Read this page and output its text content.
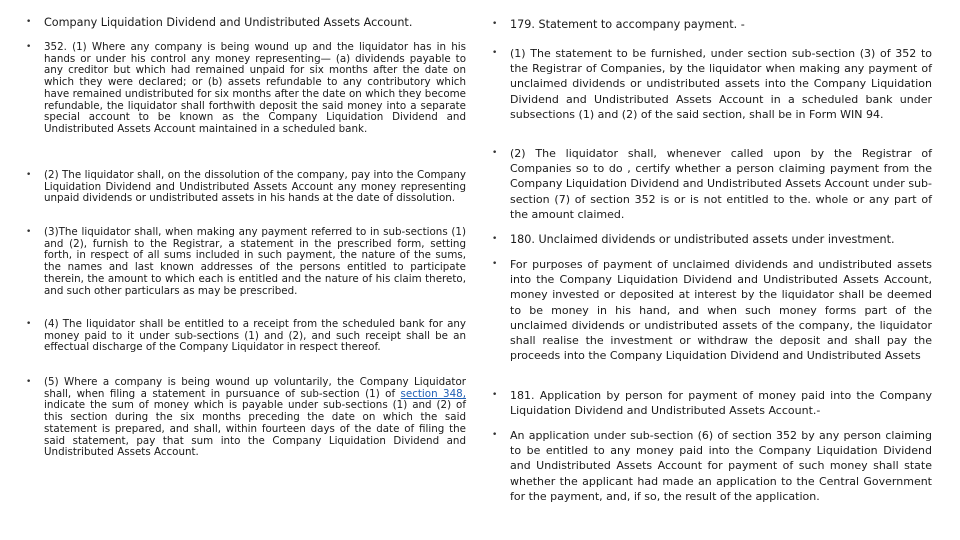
•	Company Liquidation Dividend and Undistributed Assets Account.
•	352. (1) Where any company is being wound up and the liquidator has in his hands or under his control any money representing— (a) dividends payable to any creditor but which had remained unpaid for six months after the date on which they were declared; or (b) assets refundable to any contributory which have remained undistributed for six months after the date on which they become refundable, the liquidator shall forthwith deposit the said money into a separate special account to be known as the Company Liquidation Dividend and Undistributed Assets Account maintained in a scheduled bank.
•	(2) The liquidator shall, on the dissolution of the company, pay into the Company Liquidation Dividend and Undistributed Assets Account any money representing unpaid dividends or undistributed assets in his hands at the date of dissolution.
•	(3)The liquidator shall, when making any payment referred to in sub-sections (1) and (2), furnish to the Registrar, a statement in the prescribed form, setting forth, in respect of all sums included in such payment, the nature of the sums, the names and last known addresses of the persons entitled to participate therein, the amount to which each is entitled and the nature of his claim thereto, and such other particulars as may be prescribed.
•	(4) The liquidator shall be entitled to a receipt from the scheduled bank for any money paid to it under sub-sections (1) and (2), and such receipt shall be an effectual discharge of the Company Liquidator in respect thereof.
•	(5) Where a company is being wound up voluntarily, the Company Liquidator shall, when filing a statement in pursuance of sub-section (1) of section 348, indicate the sum of money which is payable under sub-sections (1) and (2) of this section during the six months preceding the date on which the said statement is prepared, and shall, within fourteen days of the date of filing the said statement, pay that sum into the Company Liquidation Dividend and Undistributed Assets Account.
•	179. Statement to accompany payment. -
•	(1) The statement to be furnished, under section sub-section (3) of 352 to the Registrar of Companies, by the liquidator when making any payment of unclaimed dividends or undistributed assets into the Company Liquidation Dividend and Undistributed Assets Account in a scheduled bank under subsections (1) and (2) of the said section, shall be in Form WIN 94.
•	(2) The liquidator shall, whenever called upon by the Registrar of Companies so to do , certify whether a person claiming payment from the Company Liquidation Dividend and Undistributed Assets Account under sub-section (7) of section 352 is or is not entitled to the. whole or any part of the amount claimed.
•	180. Unclaimed dividends or undistributed assets under investment.
•	For purposes of payment of unclaimed dividends and undistributed assets into the Company Liquidation Dividend and Undistributed Assets Account, money invested or deposited at interest by the liquidator shall be deemed to be money in his hand, and when such money forms part of the unclaimed dividends or undistributed assets of the company, the liquidator shall realise the investment or withdraw the deposit and shall pay the proceeds into the Company Liquidation Dividend and Undistributed Assets
•	181. Application by person for payment of money paid into the Company Liquidation Dividend and Undistributed Assets Account.-
•	An application under sub-section (6) of section 352 by any person claiming to be entitled to any money paid into the Company Liquidation Dividend and Undistributed Assets Account for payment of such money shall state whether the applicant had made an application to the Central Government for the payment, and, if so, the result of the application.
